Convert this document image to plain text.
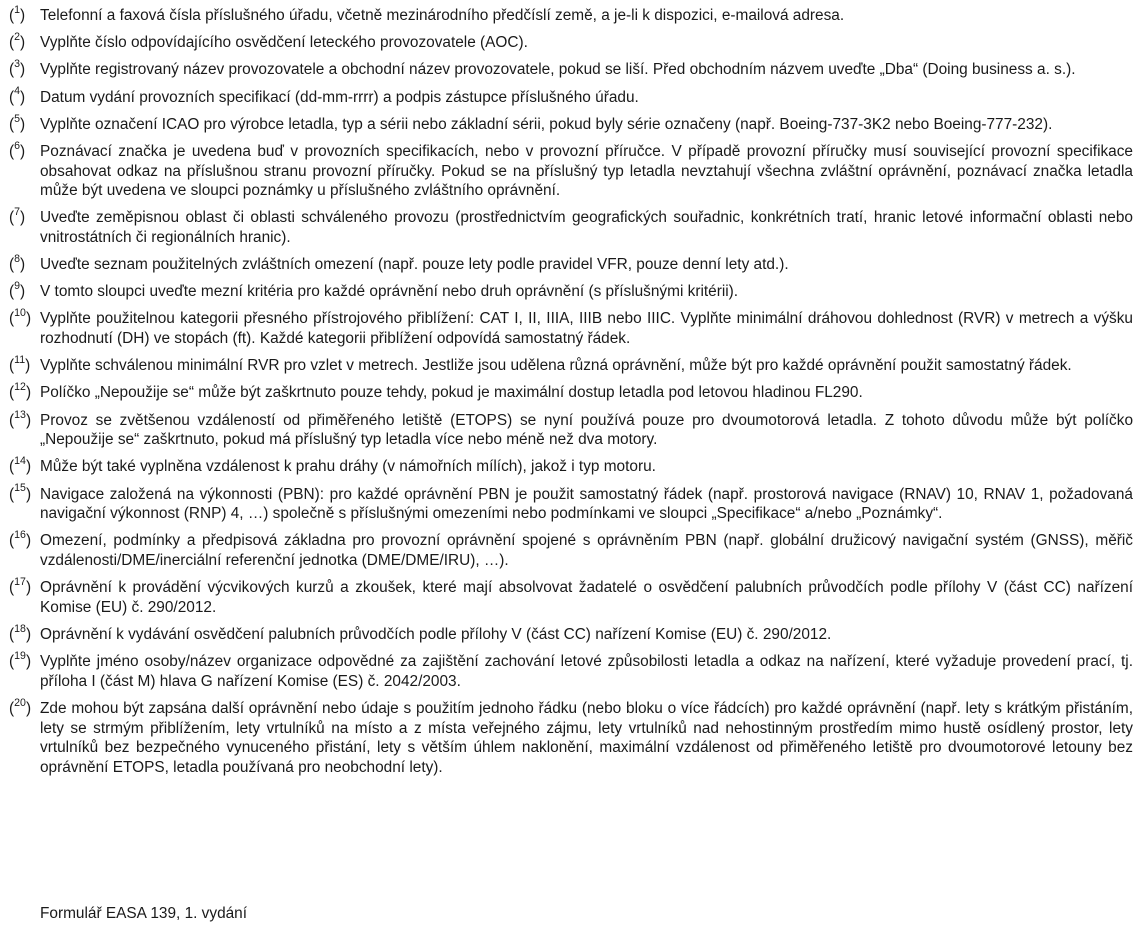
($^1$) Telefonní a faxová čísla příslušného úřadu, včetně mezinárodního předčíslí země, a je-li k dispozici, e-mailová adresa.
($^2$) Vyplňte číslo odpovídajícího osvědčení leteckého provozovatele (AOC).
($^3$) Vyplňte registrovaný název provozovatele a obchodní název provozovatele, pokud se liší. Před obchodním názvem uveďte „Dba“ (Doing business a. s.).
($^4$) Datum vydání provozních specifikací (dd-mm-rrrr) a podpis zástupce příslušného úřadu.
($^5$) Vyplňte označení ICAO pro výrobce letadla, typ a sérii nebo základní sérii, pokud byly série označeny (např. Boeing-737-3K2 nebo Boeing-777-232).
($^6$) Poznávací značka je uvedena buď v provozních specifikacích, nebo v provozní příručce. V případě provozní příručky musí související provozní specifikace obsahovat odkaz na příslušnou stranu provozní příručky. Pokud se na příslušný typ letadla nevztahují všechna zvláštní oprávnění, poznávací značka letadla může být uvedena ve sloupci poznámky u příslušného zvláštního oprávnění.
($^7$) Uveďte zeměpisnou oblast či oblasti schváleného provozu (prostřednictvím geografických souřadnic, konkrétních tratí, hranic letové informační oblasti nebo vnitrostátních či regionálních hranic).
($^8$) Uveďte seznam použitelných zvláštních omezení (např. pouze lety podle pravidel VFR, pouze denní lety atd.).
($^9$) V tomto sloupci uveďte mezní kritéria pro každé oprávnění nebo druh oprávnění (s příslušnými kritérii).
($^{10}$) Vyplňte použitelnou kategorii přesného přístrojového přiblížení: CAT I, II, IIIA, IIIB nebo IIIC. Vyplňte minimální dráhovou dohlednost (RVR) v metrech a výšku rozhodnutí (DH) ve stopách (ft). Každé kategorii přiblížení odpovídá samostatný řádek.
($^{11}$) Vyplňte schválenou minimální RVR pro vzlet v metrech. Jestliže jsou udělena různá oprávnění, může být pro každé oprávnění použit samostatný řádek.
($^{12}$) Políčko „Nepoužije se“ může být zaškrtnuto pouze tehdy, pokud je maximální dostup letadla pod letovou hladinou FL290.
($^{13}$) Provoz se zvětšenou vzdáleností od přiměřeného letiště (ETOPS) se nyní používá pouze pro dvoumotorová letadla. Z tohoto důvodu může být políčko „Nepoužije se“ zaškrtnuto, pokud má příslušný typ letadla více nebo méně než dva motory.
($^{14}$) Může být také vyplněna vzdálenost k prahu dráhy (v námořních mílích), jakož i typ motoru.
($^{15}$) Navigace založená na výkonnosti (PBN): pro každé oprávnění PBN je použit samostatný řádek (např. prostorová navigace (RNAV) 10, RNAV 1, požadovaná navigační výkonnost (RNP) 4, …) společně s příslušnými omezeními nebo podmínkami ve sloupci „Specifikace“ a/nebo „Poznámky“.
($^{16}$) Omezení, podmínky a předpisová základna pro provozní oprávnění spojené s oprávněním PBN (např. globální družicový navigační systém (GNSS), měřič vzdálenosti/DME/inerciální referenční jednotka (DME/DME/IRU), …).
($^{17}$) Oprávnění k provádění výcvikových kurzů a zkoušek, které mají absolvovat žadatelé o osvědčení palubních průvodčích podle přílohy V (část CC) nařízení Komise (EU) č. 290/2012.
($^{18}$) Oprávnění k vydávání osvědčení palubních průvodčích podle přílohy V (část CC) nařízení Komise (EU) č. 290/2012.
($^{19}$) Vyplňte jméno osoby/název organizace odpovědné za zajištění zachování letové způsobilosti letadla a odkaz na nařízení, které vyžaduje provedení prací, tj. příloha I (část M) hlava G nařízení Komise (ES) č. 2042/2003.
($^{20}$) Zde mohou být zapsána další oprávnění nebo údaje s použitím jednoho řádku (nebo bloku o více řádcích) pro každé oprávnění (např. lety s krátkým přistáním, lety se strmým přiblížením, lety vrtulníků na místo a z místa veřejného zájmu, lety vrtulníků nad nehostinným prostředím mimo hustě osídlený prostor, lety vrtulníků bez bezpečného vynuceného přistání, lety s větším úhlem naklonění, maximální vzdálenost od přiměřeného letiště pro dvoumotorové letouny bez oprávnění ETOPS, letadla používaná pro neobchodní lety).
Formulář EASA 139, 1. vydání
